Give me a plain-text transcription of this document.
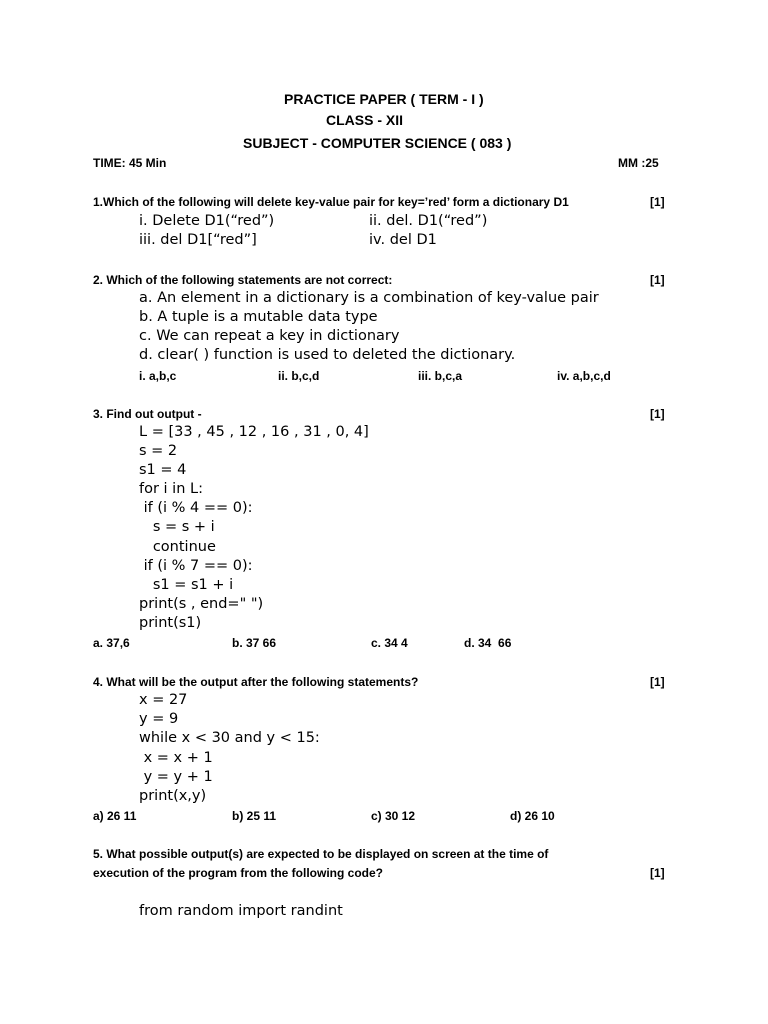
PRACTICE PAPER ( TERM - I )
CLASS - XII
SUBJECT - COMPUTER SCIENCE ( 083 )
TIME: 45 Min	MM :25
1.Which of the following will delete key-value pair for key=’red’ form a dictionary D1	[1]
i. Delete D1(“red”)	ii. del. D1(“red”)
iii. del D1[“red”]	iv. del D1
2. Which of the following statements are not correct:	[1]
a. An element in a dictionary is a combination of key-value pair
b. A tuple is a mutable data type
c. We can repeat a key in dictionary
d. clear( ) function is used to deleted the dictionary.
i. a,b,c	ii. b,c,d	iii. b,c,a	iv. a,b,c,d
3. Find out output -	[1]
L = [33 , 45 , 12 , 16 , 31 , 0, 4]
s = 2
s1 = 4
for i in L:
if (i % 4 == 0):
s = s + i
continue
if (i % 7 == 0):
s1 = s1 + i
print(s , end=" ")
print(s1)
a. 37,6	b. 37 66	c. 34 4	d. 34  66
4. What will be the output after the following statements?	[1]
x = 27
y = 9
while x < 30 and y < 15:
x = x + 1
y = y + 1
print(x,y)
a) 26 11	b) 25 11	c) 30 12	d) 26 10
5. What possible output(s) are expected to be displayed on screen at the time of
execution of the program from the following code?	[1]
from random import randint
